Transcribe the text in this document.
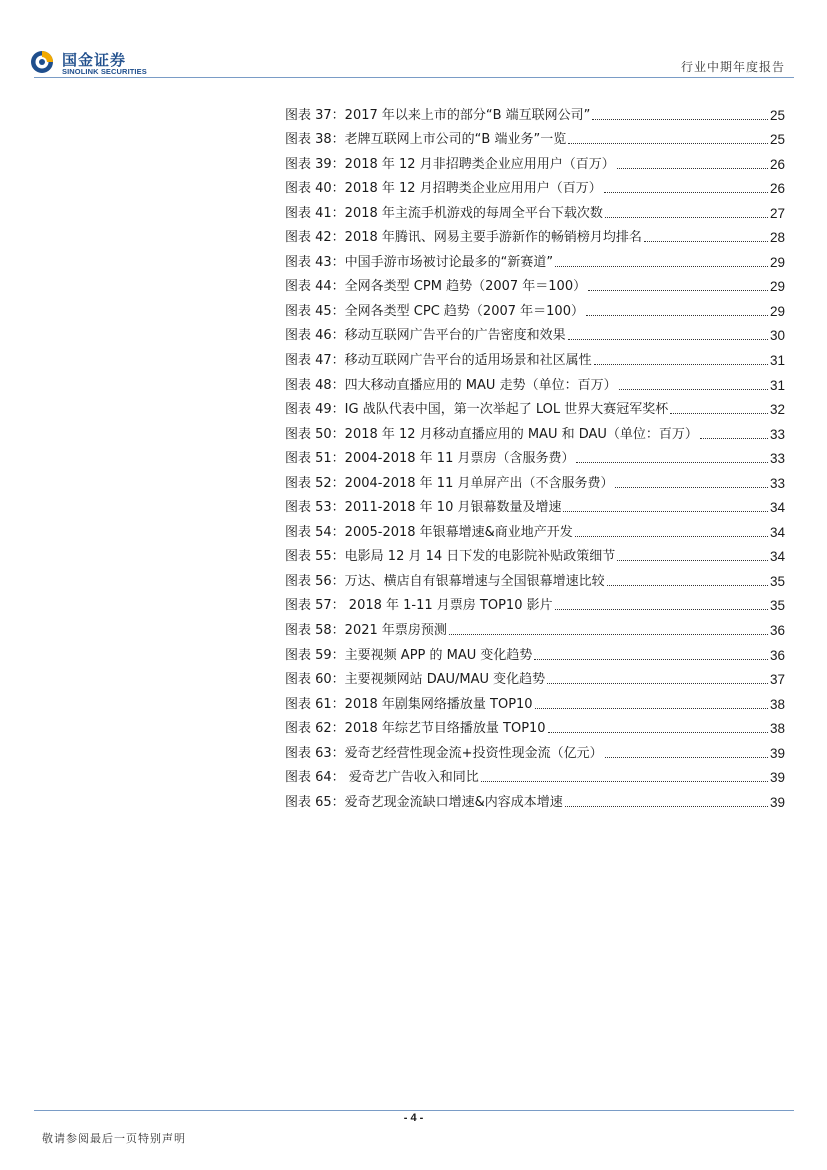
国金证券
SINOLINK SECURITIES	行业中期年度报告
图表 37：2017 年以来上市的部分“B 端互联网公司”	25
图表 38：老牌互联网上市公司的“B 端业务”一览	25
图表 39：2018 年 12 月非招聘类企业应用用户（百万）	26
图表 40：2018 年 12 月招聘类企业应用用户（百万）	26
图表 41：2018 年主流手机游戏的每周全平台下载次数	27
图表 42：2018 年腾讯、网易主要手游新作的畅销榜月均排名	28
图表 43：中国手游市场被讨论最多的“新赛道”	29
图表 44：全网各类型 CPM 趋势（2007 年＝100）	29
图表 45：全网各类型 CPC 趋势（2007 年＝100）	29
图表 46：移动互联网广告平台的广告密度和效果	30
图表 47：移动互联网广告平台的适用场景和社区属性	31
图表 48：四大移动直播应用的 MAU 走势（单位：百万）	31
图表 49：IG 战队代表中国，第一次举起了 LOL 世界大赛冠军奖杯	32
图表 50：2018 年 12 月移动直播应用的 MAU 和 DAU（单位：百万）	33
图表 51：2004-2018 年 11 月票房（含服务费）	33
图表 52：2004-2018 年 11 月单屏产出（不含服务费）	33
图表 53：2011-2018 年 10 月银幕数量及增速	34
图表 54：2005-2018 年银幕增速&商业地产开发	34
图表 55：电影局 12 月 14 日下发的电影院补贴政策细节	34
图表 56：万达、横店自有银幕增速与全国银幕增速比较	35
图表 57： 2018 年 1-11 月票房 TOP10 影片	35
图表 58：2021 年票房预测	36
图表 59：主要视频 APP 的 MAU 变化趋势	36
图表 60：主要视频网站 DAU/MAU 变化趋势	37
图表 61：2018 年剧集网络播放量 TOP10	38
图表 62：2018 年综艺节目络播放量 TOP10	38
图表 63：爱奇艺经营性现金流+投资性现金流（亿元）	39
图表 64： 爱奇艺广告收入和同比	39
图表 65：爱奇艺现金流缺口增速&内容成本增速	39
- 4 -
敬请参阅最后一页特别声明
